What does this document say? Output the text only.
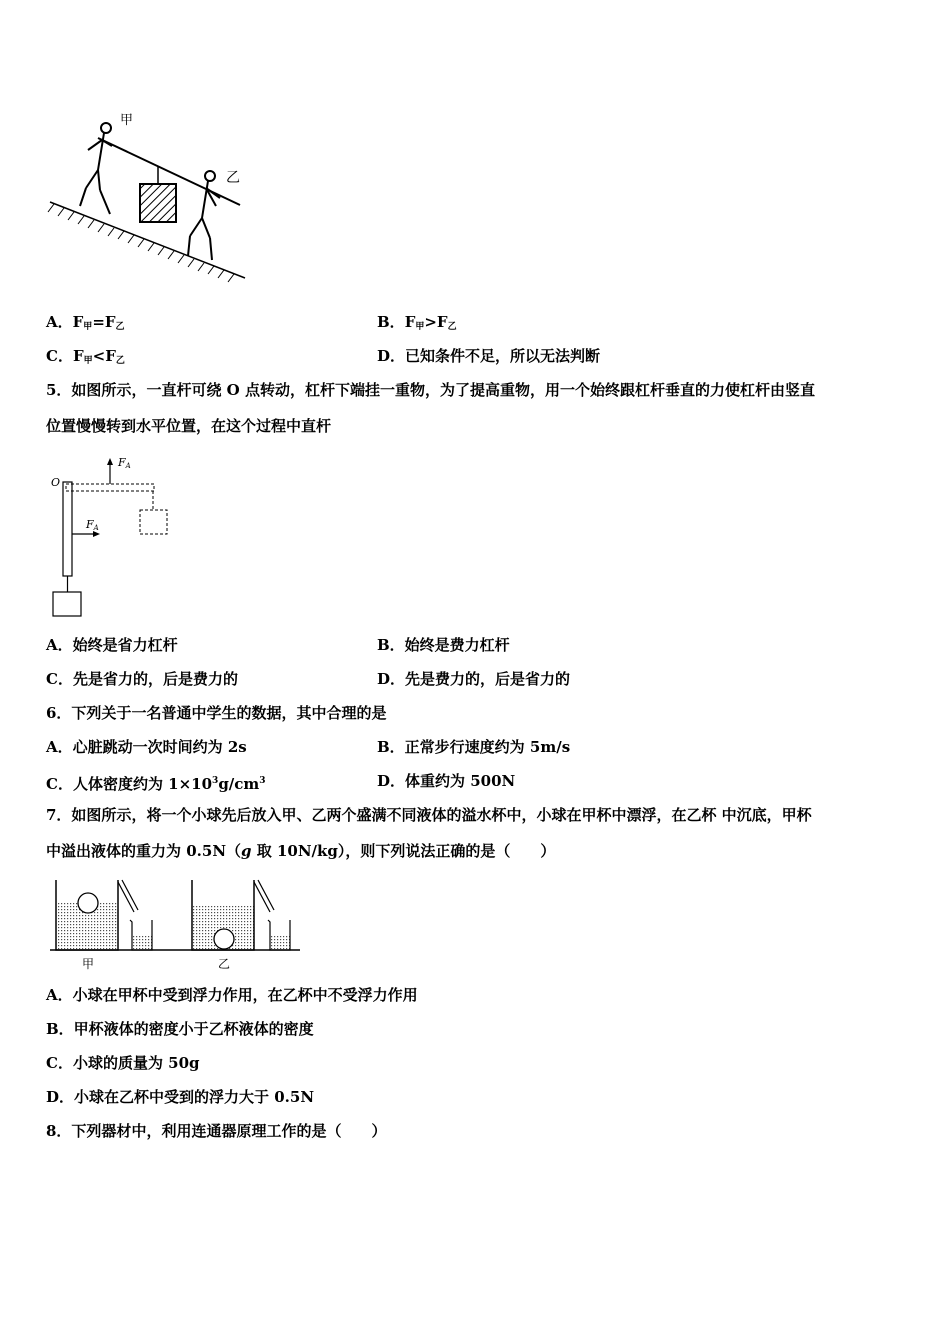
甲
乙
A．$F_甲=F_乙$	B．$F_甲>F_乙$
C．$F_甲<F_乙$	D．已知条件不足，所以无法判断
5．如图所示，一直杆可绕 O 点转动，杠杆下端挂一重物，为了提高重物，用一个始终跟杠杆垂直的力使杠杆由竖直
位置慢慢转到水平位置，在这个过程中直杆
O
FA
FA
A．始终是省力杠杆	B．始终是费力杠杆
C．先是省力的，后是费力的	D．先是费力的，后是省力的
6．下列关于一名普通中学生的数据，其中合理的是
A．心脏跳动一次时间约为 2s	B．正常步行速度约为 5m/s
C．人体密度约为 $1\times 10^3g/cm^3$	D．体重约为 500N
7．如图所示，将一个小球先后放入甲、乙两个盛满不同液体的溢水杯中，小球在甲杯中漂浮，在乙杯 中沉底，甲杯
中溢出液体的重力为 0.5N（g 取 10N/kg），则下列说法正确的是（　　）
甲	乙
A．小球在甲杯中受到浮力作用，在乙杯中不受浮力作用
B．甲杯液体的密度小于乙杯液体的密度
C．小球的质量为 50g
D．小球在乙杯中受到的浮力大于 0.5N
8．下列器材中，利用连通器原理工作的是（　　）
